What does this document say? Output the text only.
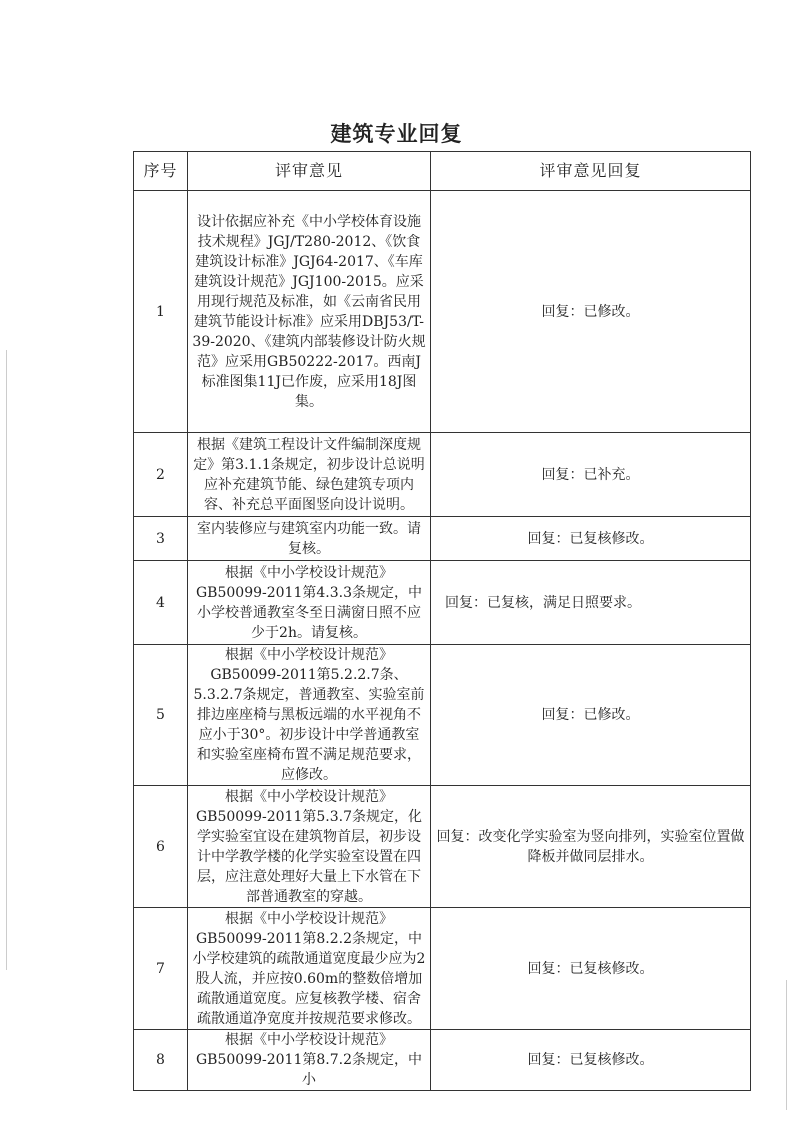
建筑专业回复
序号	评审意见	评审意见回复
1	设计依据应补充《中小学校体育设施技术规程》JGJ/T280-2012、《饮食建筑设计标准》JGJ64-2017、《车库建筑设计规范》JGJ100-2015。应采用现行规范及标准，如《云南省民用建筑节能设计标准》应采用DBJ53/T-39-2020、《建筑内部装修设计防火规范》应采用GB50222-2017。西南J标准图集11J已作废，应采用18J图集。	回复：已修改。
2	根据《建筑工程设计文件编制深度规定》第3.1.1条规定，初步设计总说明应补充建筑节能、绿色建筑专项内容、补充总平面图竖向设计说明。	回复：已补充。
3	室内装修应与建筑室内功能一致。请复核。	回复：已复核修改。
4	根据《中小学校设计规范》GB50099-2011第4.3.3条规定，中小学校普通教室冬至日满窗日照不应少于2h。请复核。	回复：已复核，满足日照要求。
5	根据《中小学校设计规范》GB50099-2011第5.2.2.7条、5.3.2.7条规定，普通教室、实验室前排边座座椅与黑板远端的水平视角不应小于30°。初步设计中学普通教室和实验室座椅布置不满足规范要求，应修改。	回复：已修改。
6	根据《中小学校设计规范》GB50099-2011第5.3.7条规定，化学实验室宜设在建筑物首层，初步设计中学教学楼的化学实验室设置在四层，应注意处理好大量上下水管在下部普通教室的穿越。	回复：改变化学实验室为竖向排列，实验室位置做降板并做同层排水。
7	根据《中小学校设计规范》GB50099-2011第8.2.2条规定，中小学校建筑的疏散通道宽度最少应为2股人流，并应按0.60m的整数倍增加疏散通道宽度。应复核教学楼、宿舍疏散通道净宽度并按规范要求修改。	回复：已复核修改。
8	根据《中小学校设计规范》GB50099-2011第8.7.2条规定，中小	回复：已复核修改。
